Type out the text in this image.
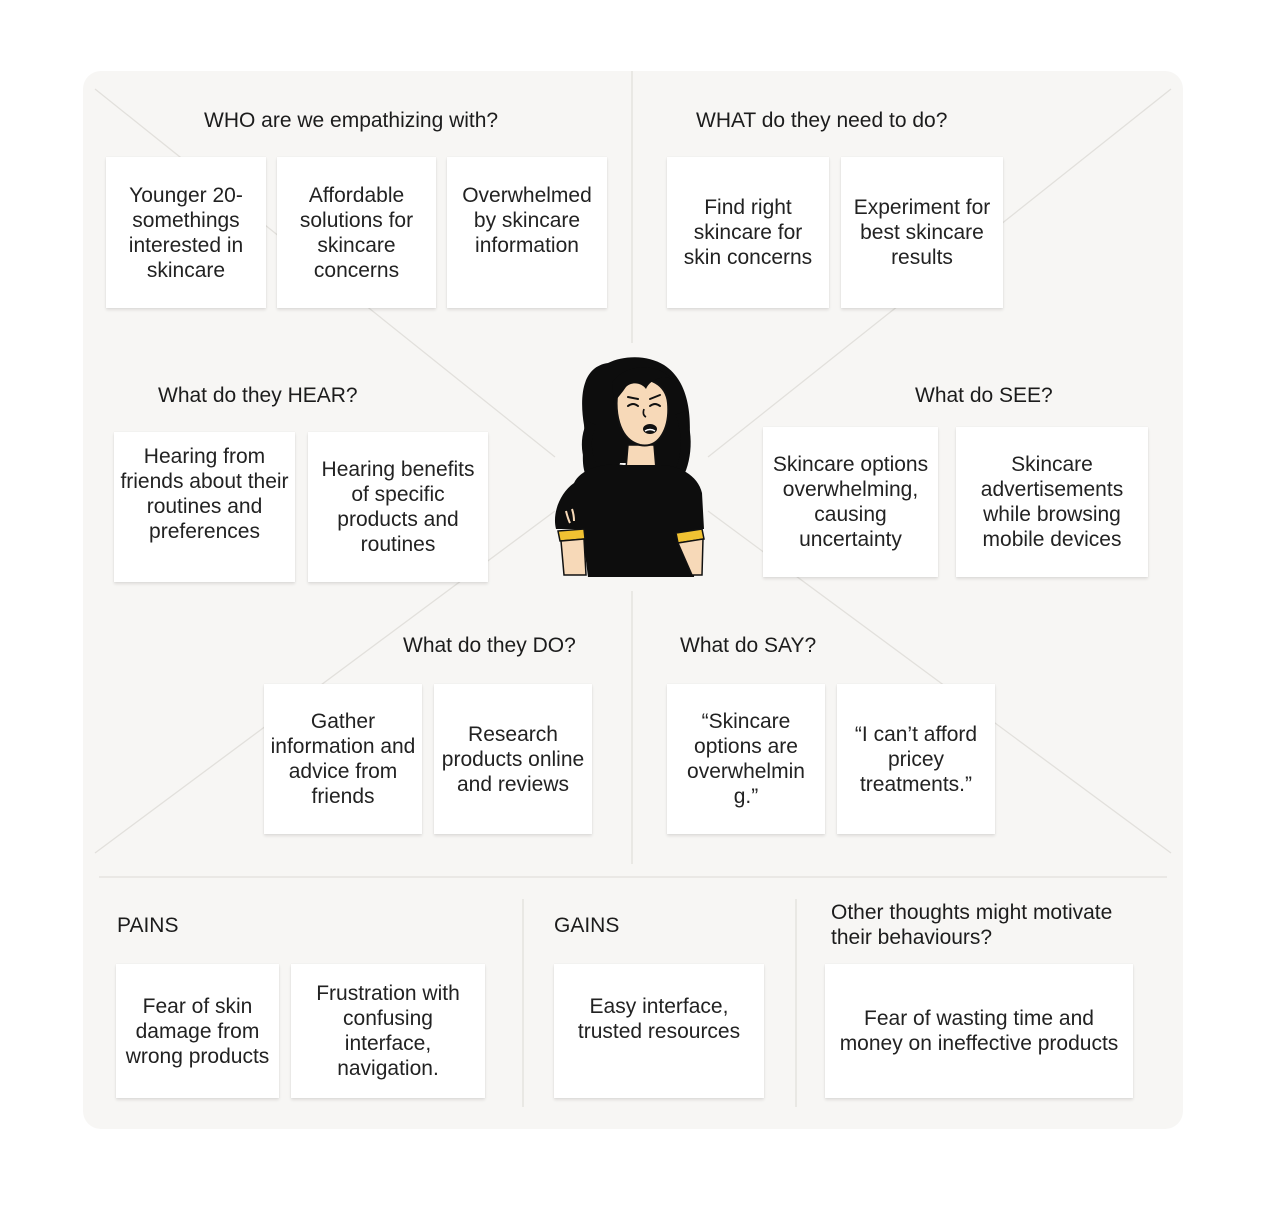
WHO are we empathizing with?
Younger 20-somethings interested in skincare
Affordable solutions for skincare concerns
Overwhelmed by skincare information
WHAT do they need to do?
Find right skincare for skin concerns
Experiment for best skincare results
What do they HEAR?
Hearing from friends about their routines and preferences
Hearing benefits of specific products and routines
What do SEE?
Skincare options overwhelming, causing uncertainty
Skincare advertisements while browsing mobile devices
What do they DO?
Gather information and advice from friends
Research products online and reviews
What do SAY?
“Skincare options are overwhelmin g.”
“I can’t afford pricey treatments.”
PAINS
Fear of skin damage from wrong products
Frustration with confusing interface, navigation.
GAINS
Easy interface, trusted resources
Other thoughts might motivate their behaviours?
Fear of wasting time and money on ineffective products
